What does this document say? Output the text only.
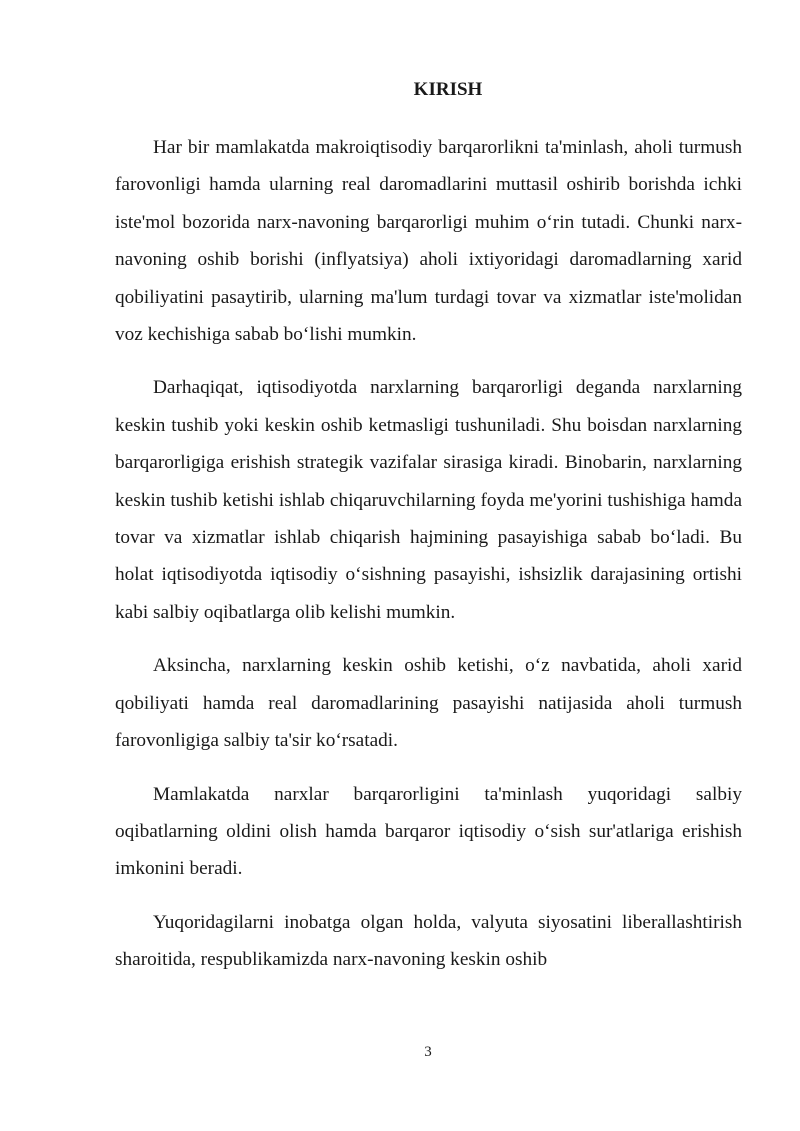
KIRISH

Har bir mamlakatda makroiqtisodiy barqarorlikni ta'minlash, aholi turmush farovonligi hamda ularning real daromadlarini muttasil oshirib borishda ichki iste'mol bozorida narx-navoning barqarorligi muhim o‘rin tutadi. Chunki narx-navoning oshib borishi (inflyatsiya) aholi ixtiyoridagi daromadlarning xarid qobiliyatini pasaytirib, ularning ma'lum turdagi tovar va xizmatlar iste'molidan voz kechishiga sabab bo‘lishi mumkin.

Darhaqiqat, iqtisodiyotda narxlarning barqarorligi deganda narxlarning keskin tushib yoki keskin oshib ketmasligi tushuniladi. Shu boisdan narxlarning barqarorligiga erishish strategik vazifalar sirasiga kiradi. Binobarin, narxlarning keskin tushib ketishi ishlab chiqaruvchilarning foyda me'yorini tushishiga hamda tovar va xizmatlar ishlab chiqarish hajmining pasayishiga sabab bo‘ladi. Bu holat iqtisodiyotda iqtisodiy o‘sishning pasayishi, ishsizlik darajasining ortishi kabi salbiy oqibatlarga olib kelishi mumkin.

Aksincha, narxlarning keskin oshib ketishi, o‘z navbatida, aholi xarid qobiliyati hamda real daromadlarining pasayishi natijasida aholi turmush farovonligiga salbiy ta'sir ko‘rsatadi.

Mamlakatda narxlar barqarorligini ta'minlash yuqoridagi salbiy oqibatlarning oldini olish hamda barqaror iqtisodiy o‘sish sur'atlariga erishish imkonini beradi.

Yuqoridagilarni inobatga olgan holda, valyuta siyosatini liberallashtirish sharoitida, respublikamizda narx-navoning keskin oshib

3
